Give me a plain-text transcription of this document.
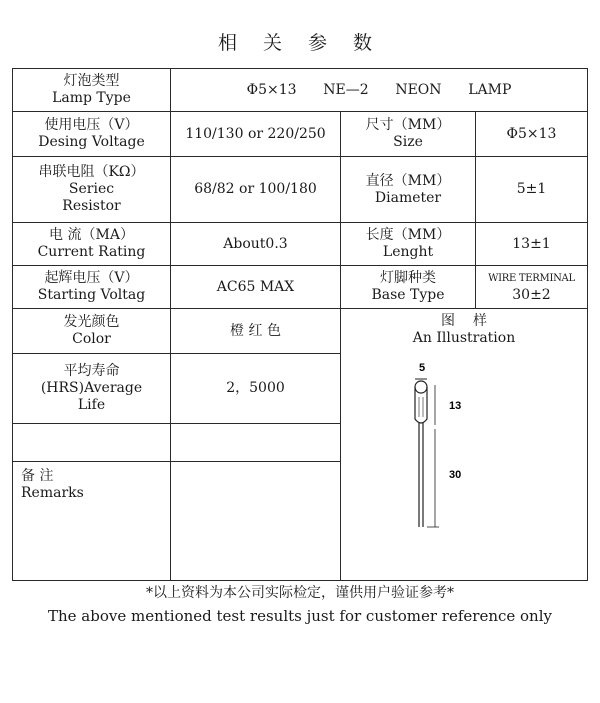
相 关 参 数
灯泡类型
Lamp Type	Φ5×13      NE—2      NEON      LAMP		

使用电压（V）
Desing Voltage	110/130 or 220/250	尺寸（MM）
Size	Φ5×13

串联电阻（KΩ）
Seriec
Resistor	68/82 or 100/180	直径（MM）
Diameter	5±1

电 流（MA）
Current Rating	About0.3	长度（MM）
Lenght	13±1

起辉电压（V）
Starting Voltag	AC65 MAX	灯脚种类
Base Type	WIRE TERMINAL
30±2

发光颜色
Color	橙 红 色	图样
An Illustration
5
13
30	

平均寿命
(HRS)Average
Life	2，5000		

备 注
Remarks			

*以上资料为本公司实际检定，谨供用户验证参考*
The above mentioned test results just for customer reference only
